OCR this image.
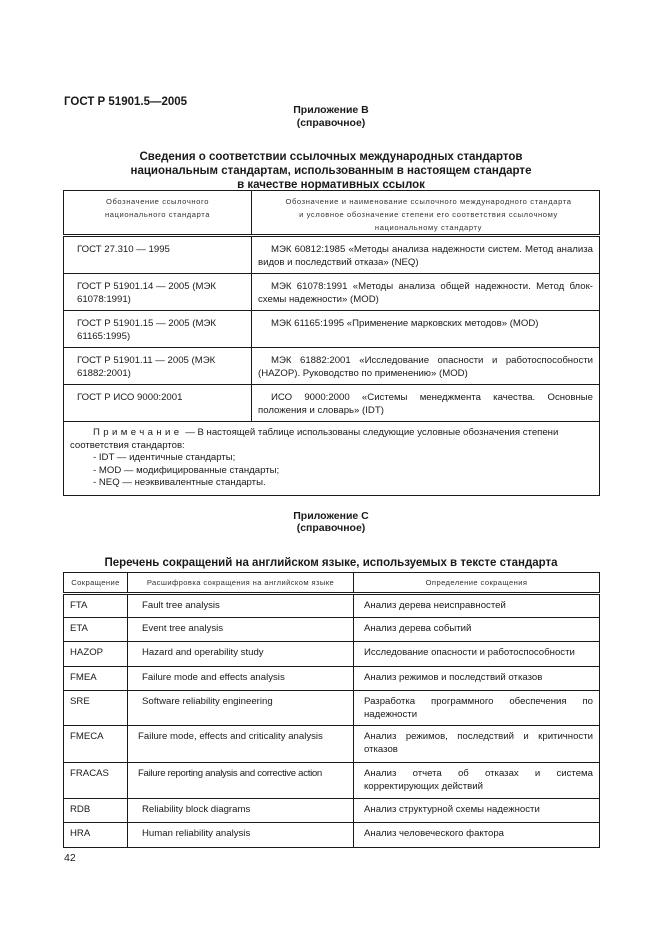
ГОСТ Р 51901.5—2005
Приложение В
(справочное)
Сведения о соответствии ссылочных международных стандартов
национальным стандартам, использованным в настоящем стандарте
в качестве нормативных ссылок
Обозначение ссылочного национального стандарта	Обозначение и наименование ссылочного международного стандарта и условное обозначение степени его соответствия ссылочному национальному стандарту
ГОСТ 27.310 — 1995	МЭК 60812:1985 «Методы анализа надежности систем. Метод анализа видов и последствий отказа» (NEQ)
ГОСТ Р 51901.14 — 2005 (МЭК 61078:1991)	МЭК 61078:1991 «Методы анализа общей надежности. Метод блок-схемы надежности» (MOD)
ГОСТ Р 51901.15 — 2005 (МЭК 61165:1995)	МЭК 61165:1995 «Применение марковских методов» (MOD)
ГОСТ Р 51901.11 — 2005 (МЭК 61882:2001)	МЭК 61882:2001 «Исследование опасности и работоспособности (HAZOP). Руководство по применению» (MOD)
ГОСТ Р ИСО 9000:2001	ИСО 9000:2000 «Системы менеджмента качества. Основные положения и словарь» (IDT)

Примечание — В настоящей таблице использованы следующие условные обозначения степени соответствия стандартов:
- IDT — идентичные стандарты;
- MOD — модифицированные стандарты;
- NEQ — неэквивалентные стандарты.	
Приложение С
(справочное)
Перечень сокращений на английском языке, используемых в тексте стандарта
Сокращение	Расшифровка сокращения на английском языке	Определение сокращения
FTA	Fault tree analysis	Анализ дерева неисправностей
ETA	Event tree analysis	Анализ дерева событий
HAZOP	Hazard and operability study	Исследование опасности и работоспособности
FMEA	Failure mode and effects analysis	Анализ режимов и последствий отказов
SRE	Software reliability engineering	Разработка программного обеспечения по надежности
FMECA	Failure mode, effects and criticality analysis	Анализ режимов, последствий и критичности отказов
FRACAS	Failure reporting analysis and corrective action	Анализ отчета об отказах и система корректирующих действий
RDB	Reliability block diagrams	Анализ структурной схемы надежности
HRA	Human reliability analysis	Анализ человеческого фактора
42
